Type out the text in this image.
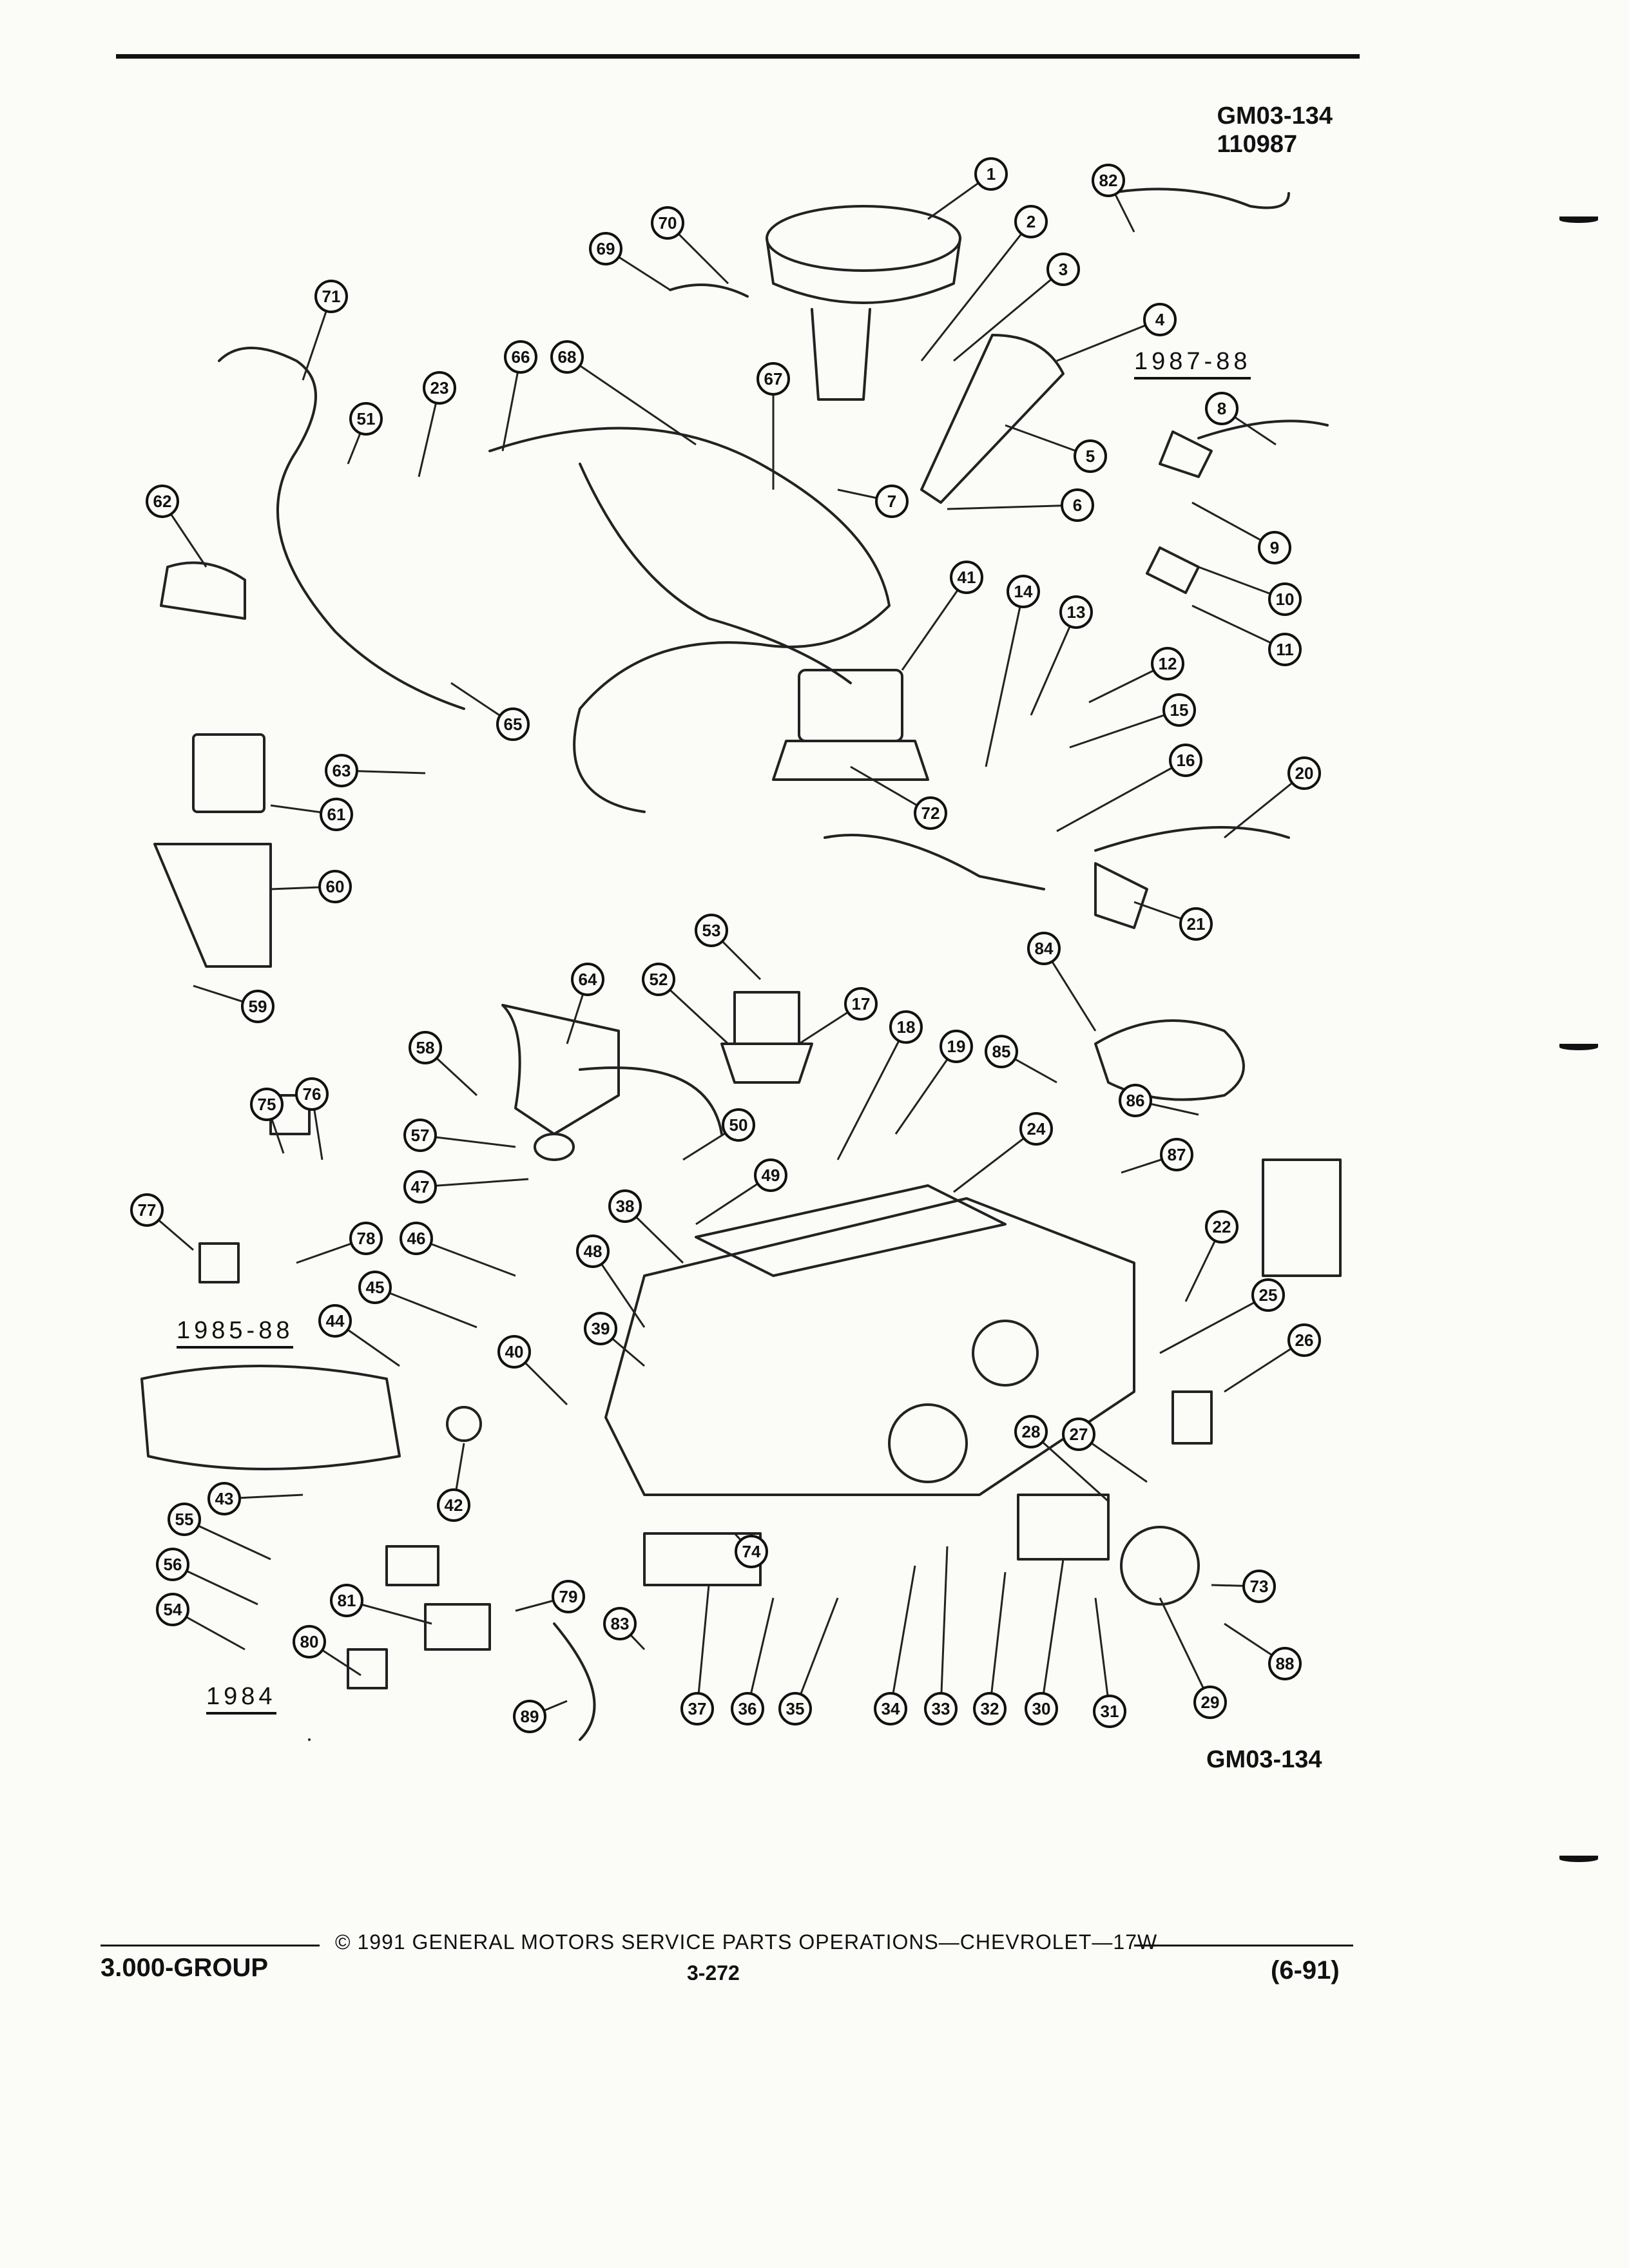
GM03-134
110987
1
2
3
4
5
6
7
8
9
10
11
12
13
14
15
16
17
18
19
20
21
22
23
24
25
26
27
28
29
30	31
32
33
34
35
36
37
38
39
40
41
42
43
44
45
46
47
48
49
50
51
52
53
54
55
56
57
58
59
60
61
62
63
64
65
66
67
68
69
70
71
72
73
74
75
76
77
78
79
80
81
82
83
84
85
86
87
88
89
1987-88
1985-88
1984
GM03-134
3.000-GROUP
© 1991 GENERAL MOTORS SERVICE PARTS OPERATIONS—CHEVROLET—17W
3-272	(6-91)
